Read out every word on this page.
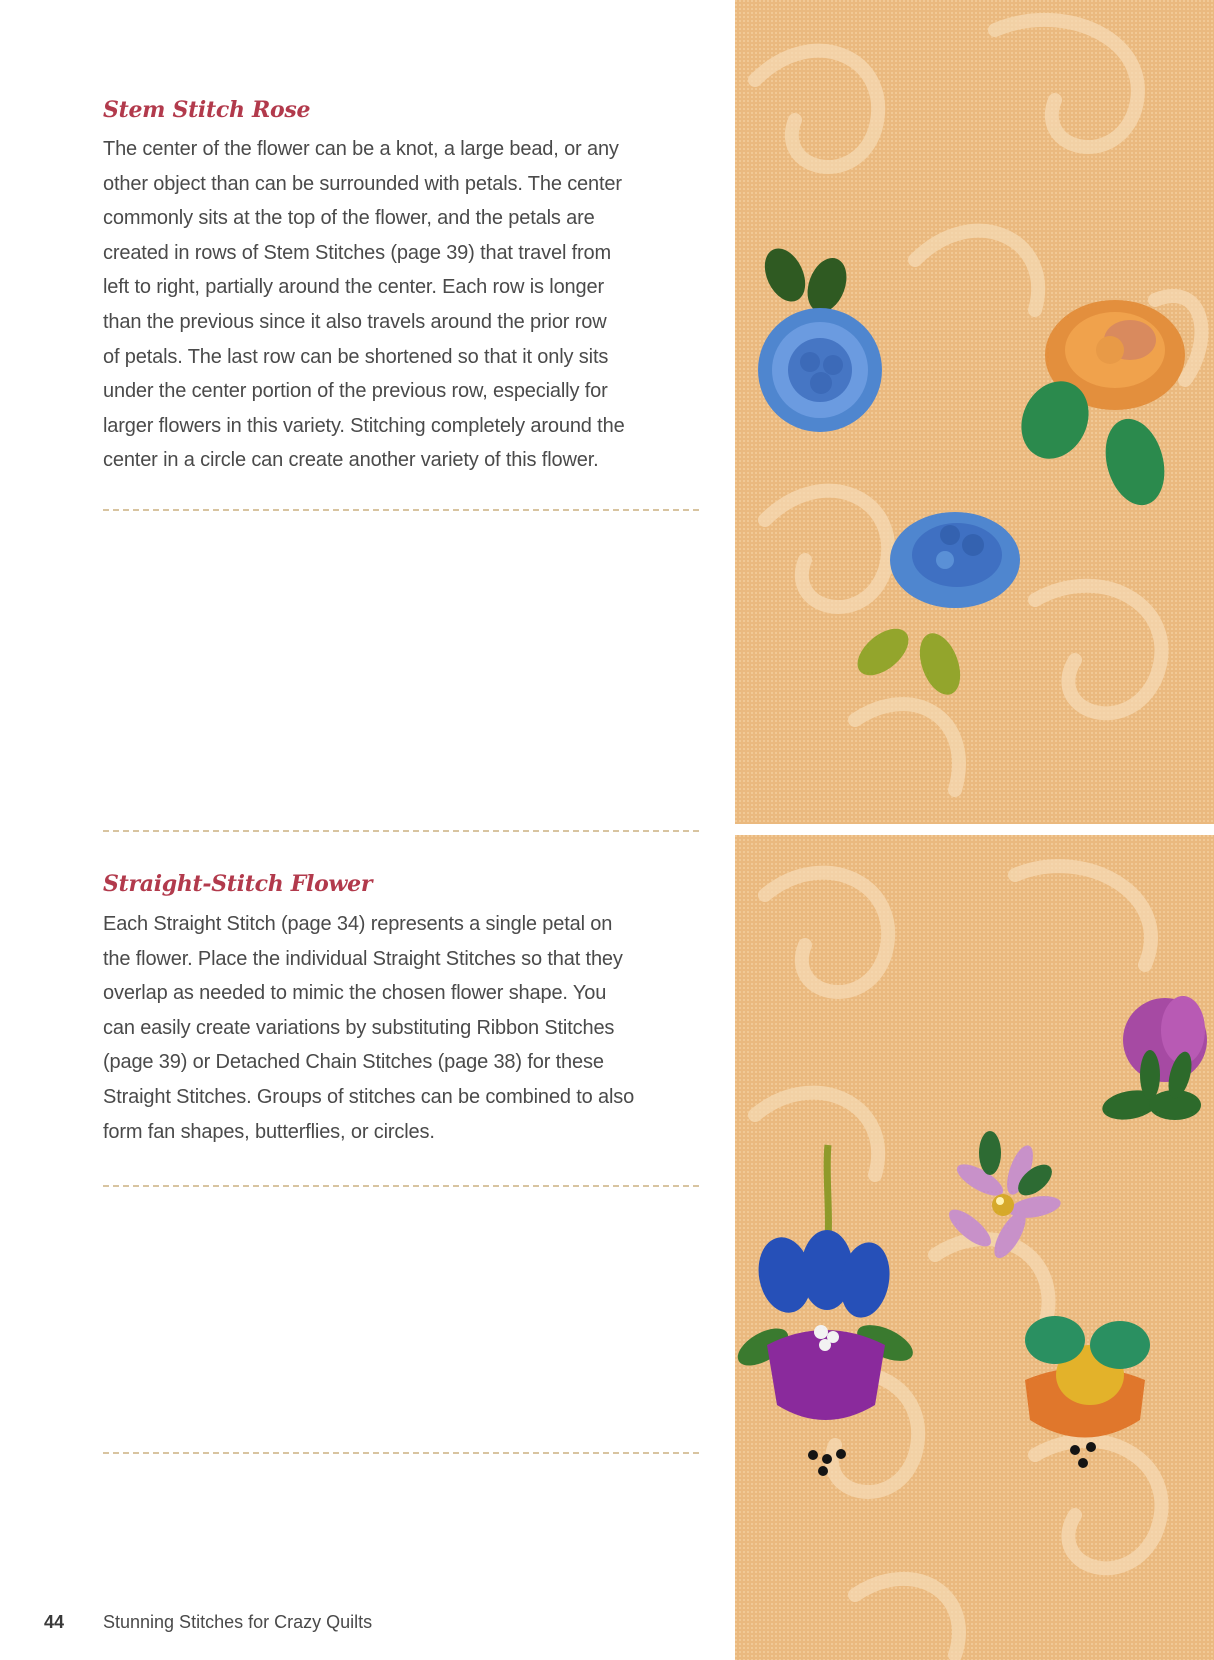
Stem Stitch Rose
The center of the flower can be a knot, a large bead, or any
other object than can be surrounded with petals. The center
commonly sits at the top of the flower, and the petals are
created in rows of Stem Stitches (page 39) that travel from
left to right, partially around the center. Each row is longer
than the previous since it also travels around the prior row
of petals. The last row can be shortened so that it only sits
under the center portion of the previous row, especially for
larger flowers in this variety. Stitching completely around the
center in a circle can create another variety of this flower.
Straight-Stitch Flower
Each Straight Stitch (page 34) represents a single petal on
the flower. Place the individual Straight Stitches so that they
overlap as needed to mimic the chosen flower shape. You
can easily create variations by substituting Ribbon Stitches
(page 39) or Detached Chain Stitches (page 38) for these
Straight Stitches. Groups of stitches can be combined to also
form fan shapes, butterflies, or circles.
44 Stunning Stitches for Crazy Quilts
